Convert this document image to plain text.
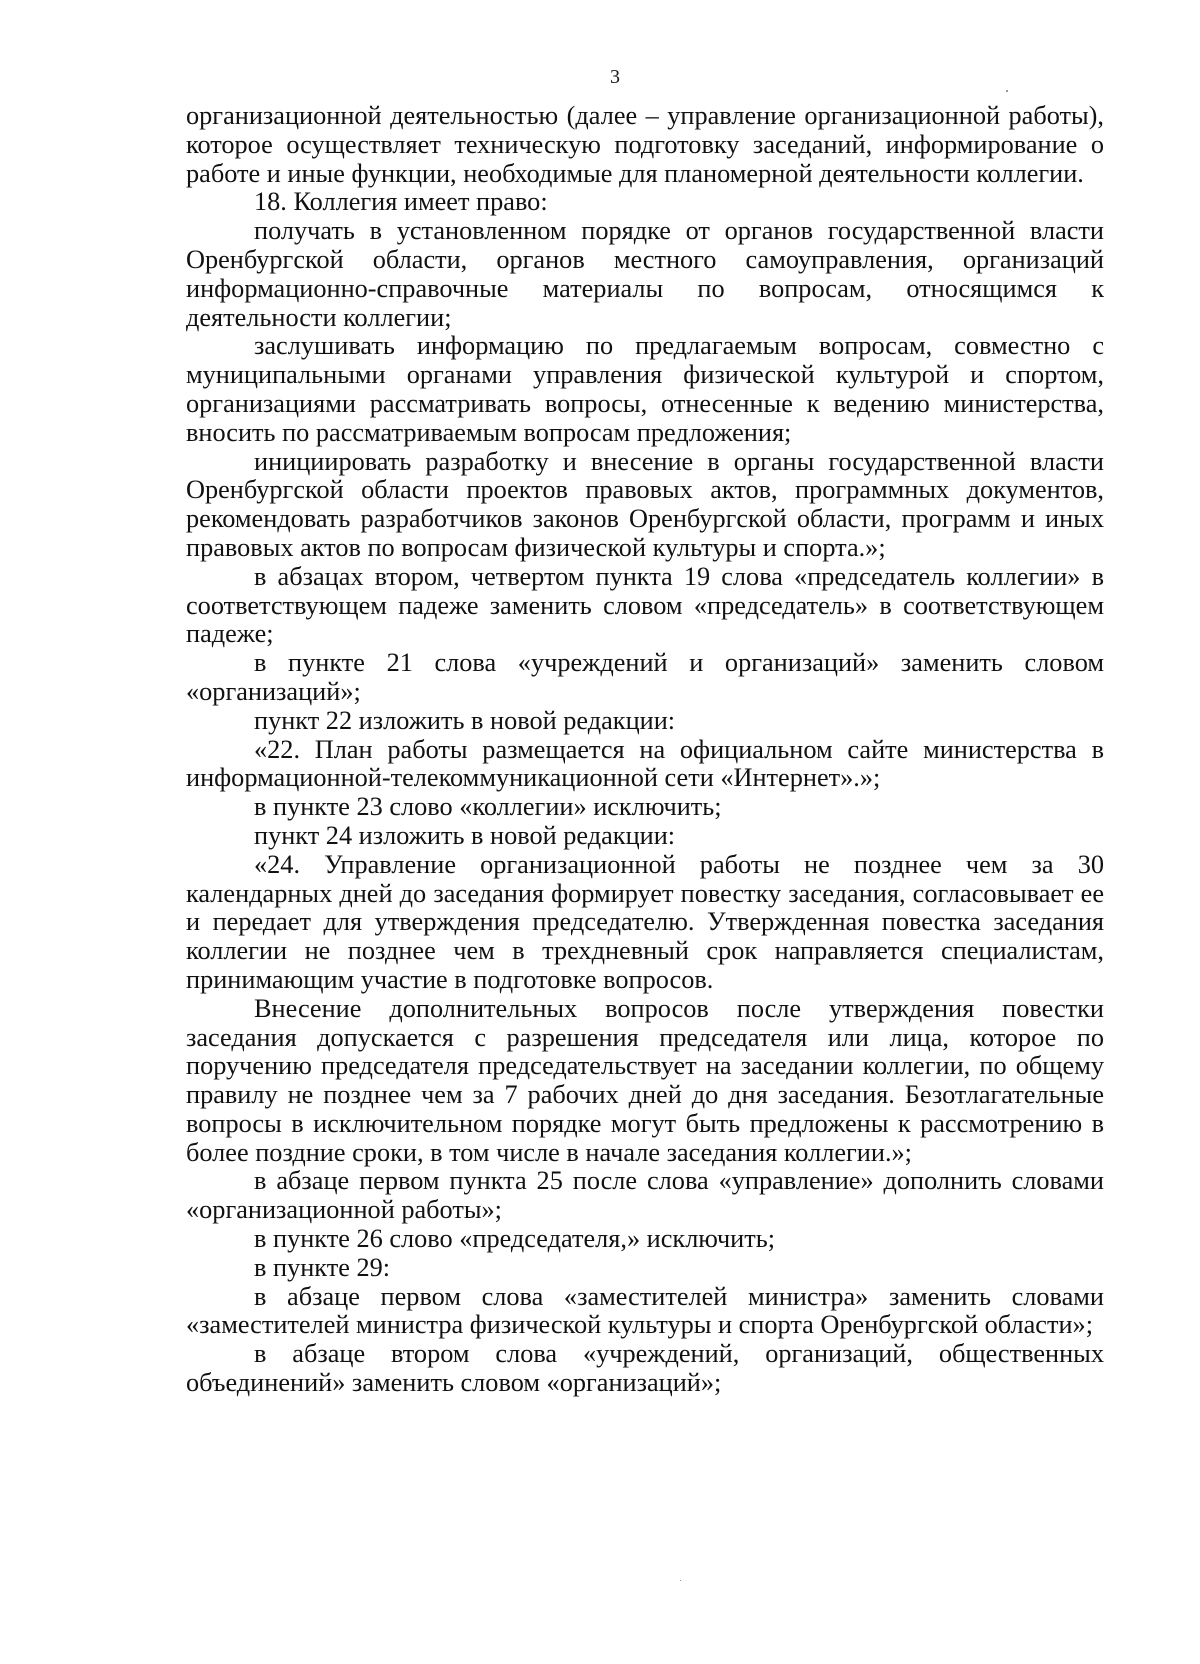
3

организационной деятельностью (далее – управление организационной работы), которое осуществляет техническую подготовку заседаний, информирование о работе и иные функции, необходимые для планомерной деятельности коллегии.

18. Коллегия имеет право:

получать в установленном порядке от органов государственной власти Оренбургской области, органов местного самоуправления, организаций информационно-справочные материалы по вопросам, относящимся к деятельности коллегии;

заслушивать информацию по предлагаемым вопросам, совместно с муниципальными органами управления физической культурой и спортом, организациями рассматривать вопросы, отнесенные к ведению министерства, вносить по рассматриваемым вопросам предложения;

инициировать разработку и внесение в органы государственной власти Оренбургской области проектов правовых актов, программных документов, рекомендовать разработчиков законов Оренбургской области, программ и иных правовых актов по вопросам физической культуры и спорта.»;

в абзацах втором, четвертом пункта 19 слова «председатель коллегии» в соответствующем падеже заменить словом «председатель» в соответствующем падеже;

в пункте 21 слова «учреждений и организаций» заменить словом «организаций»;

пункт 22 изложить в новой редакции:

«22. План работы размещается на официальном сайте министерства в информационной-телекоммуникационной сети «Интернет».»;

в пункте 23 слово «коллегии» исключить;

пункт 24 изложить в новой редакции:

«24. Управление организационной работы не позднее чем за 30 календарных дней до заседания формирует повестку заседания, согласовывает ее и передает для утверждения председателю. Утвержденная повестка заседания коллегии не позднее чем в трехдневный срок направляется специалистам, принимающим участие в подготовке вопросов.

Внесение дополнительных вопросов после утверждения повестки заседания допускается с разрешения председателя или лица, которое по поручению председателя председательствует на заседании коллегии, по общему правилу не позднее чем за 7 рабочих дней до дня заседания. Безотлагательные вопросы в исключительном порядке могут быть предложены к рассмотрению в более поздние сроки, в том числе в начале заседания коллегии.»;

в абзаце первом пункта 25 после слова «управление» дополнить словами «организационной работы»;

в пункте 26 слово «председателя,» исключить;

в пункте 29:

в абзаце первом слова «заместителей министра» заменить словами «заместителей министра физической культуры и спорта Оренбургской области»;

в абзаце втором слова «учреждений, организаций, общественных объединений» заменить словом «организаций»;
